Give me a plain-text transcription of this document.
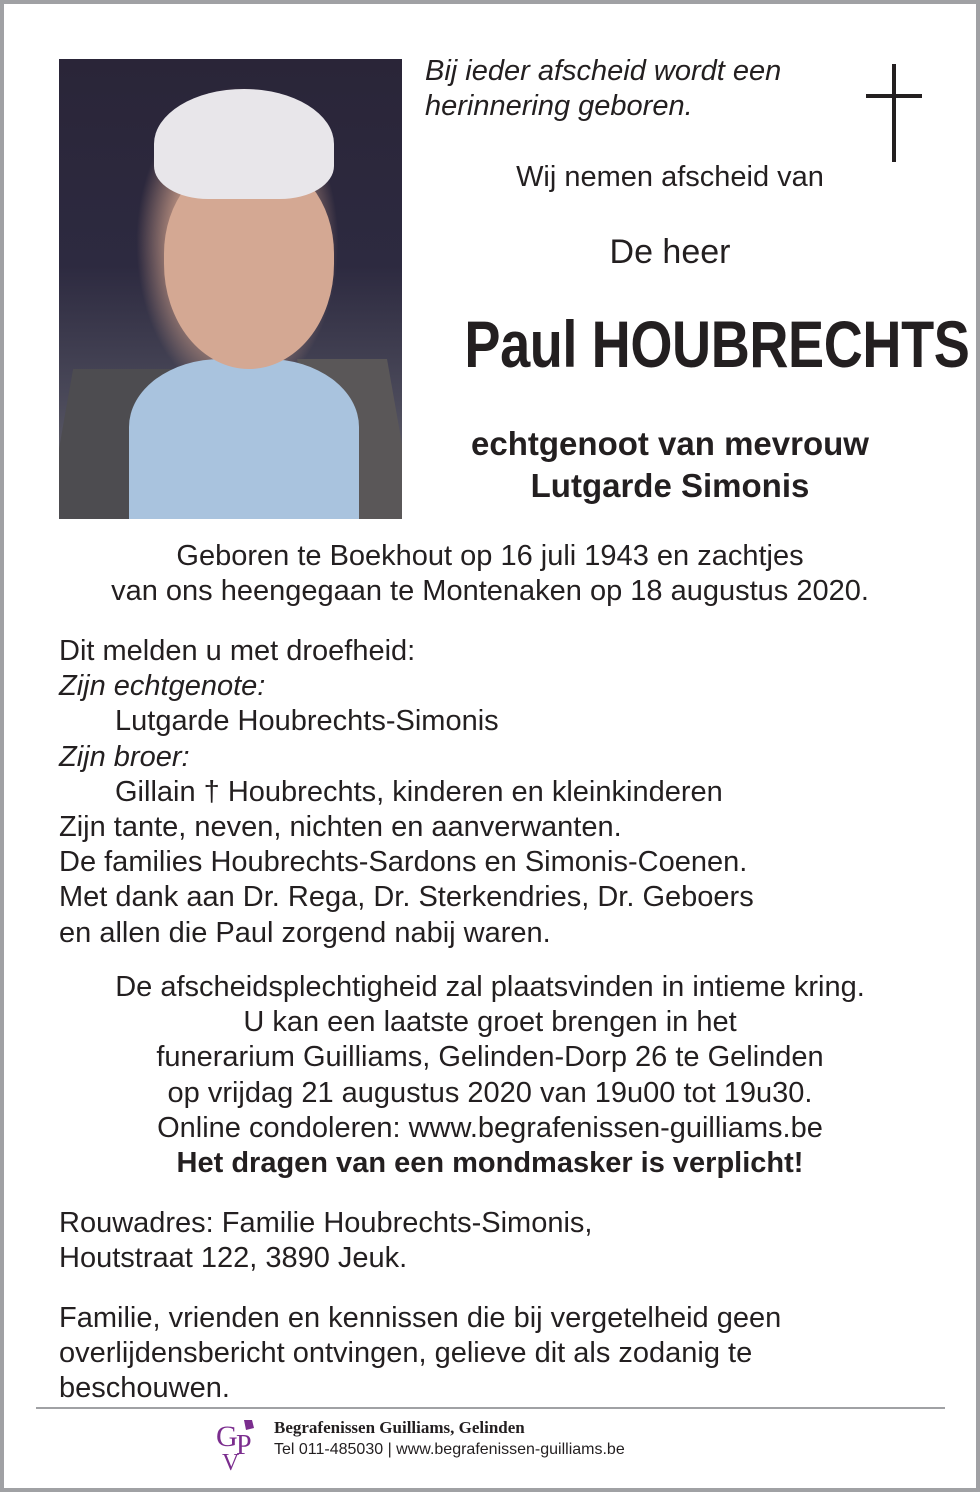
Bij ieder afscheid wordt een
herinnering geboren.
Wij nemen afscheid van
De heer
Paul HOUBRECHTS
echtgenoot van mevrouw
Lutgarde Simonis
Geboren te Boekhout op 16 juli 1943 en zachtjes
van ons heengegaan te Montenaken op 18 augustus 2020.
Dit melden u met droefheid:
Zijn echtgenote:
Lutgarde Houbrechts-Simonis
Zijn broer:
Gillain † Houbrechts, kinderen en kleinkinderen
Zijn tante, neven, nichten en aanverwanten.
De families Houbrechts-Sardons en Simonis-Coenen.
Met dank aan Dr. Rega, Dr. Sterkendries, Dr. Geboers
en allen die Paul zorgend nabij waren.
De afscheidsplechtigheid zal plaatsvinden in intieme kring.
U kan een laatste groet brengen in het
funerarium Guilliams, Gelinden-Dorp 26 te Gelinden
op vrijdag 21 augustus 2020 van 19u00 tot 19u30.
Online condoleren: www.begrafenissen-guilliams.be
Het dragen van een mondmasker is verplicht!
Rouwadres: Familie Houbrechts-Simonis,
Houtstraat 122, 3890 Jeuk.
Familie, vrienden en kennissen die bij vergetelheid geen
overlijdensbericht ontvingen, gelieve dit als zodanig te
beschouwen.
G
P
V
Begrafenissen Guilliams, Gelinden
Tel 011-485030 | www.begrafenissen-guilliams.be
